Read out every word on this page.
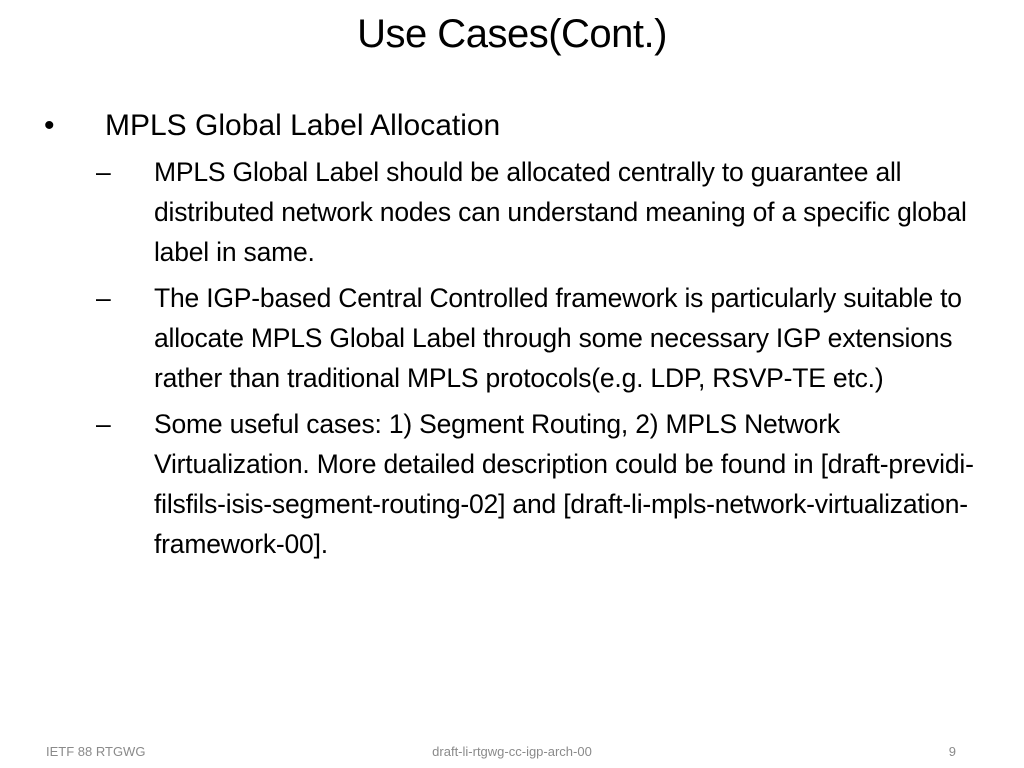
Use Cases(Cont.)
•	MPLS Global Label Allocation
– MPLS Global Label should be allocated centrally to guarantee all distributed network nodes can understand meaning of a specific global label in same.
– The IGP-based Central Controlled framework is particularly suitable to allocate MPLS Global Label through some necessary IGP extensions rather than traditional MPLS protocols(e.g. LDP, RSVP-TE etc.)
– Some useful cases: 1) Segment Routing, 2) MPLS Network Virtualization. More detailed description could be found in [draft-previdi-filsfils-isis-segment-routing-02] and [draft-li-mpls-network-virtualization-framework-00].
IETF 88 RTGWG	draft-li-rtgwg-cc-igp-arch-00	9
